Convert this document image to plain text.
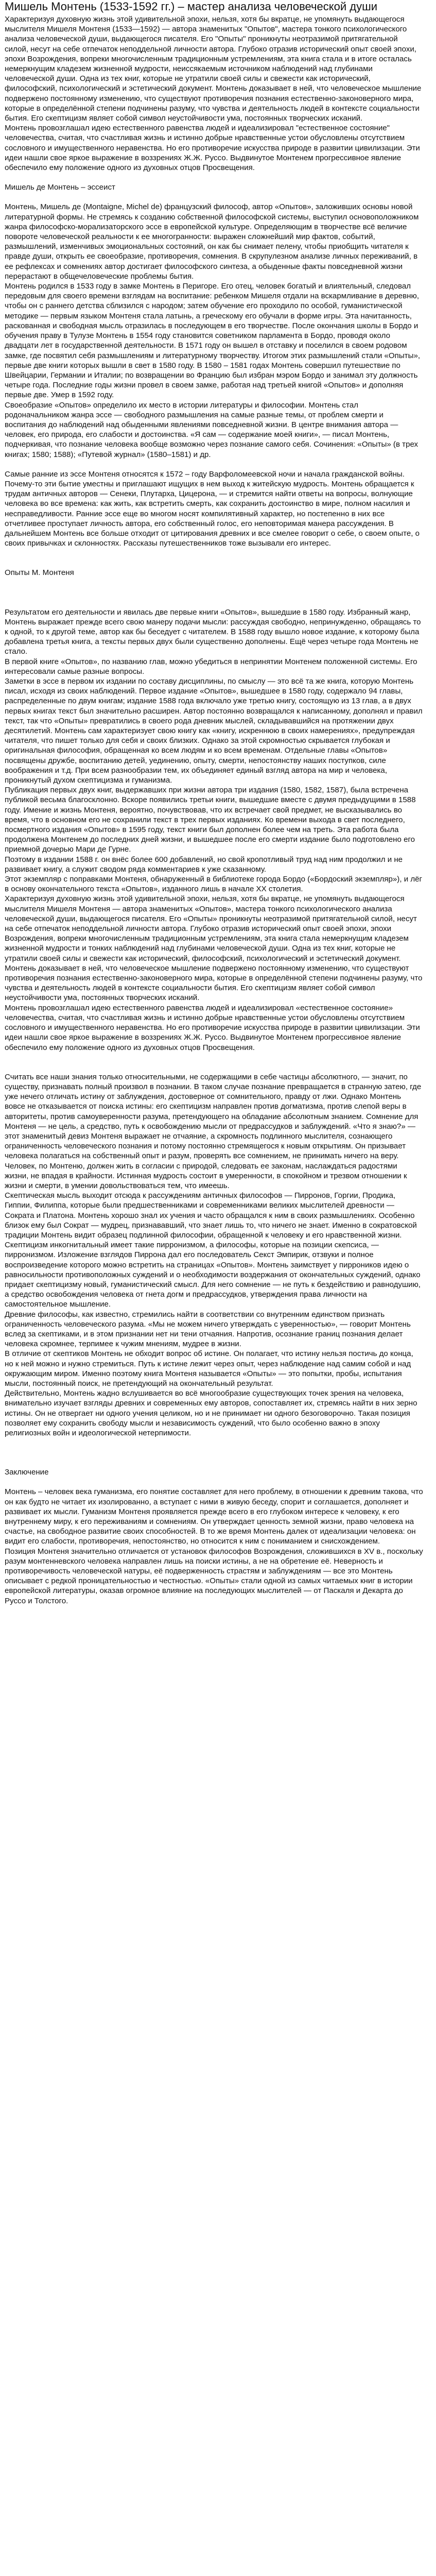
Мишель Монтень (1533-1592 гг.) – мастер анализа человеческой души

Характеризуя духовную жизнь этой удивительной эпохи, нельзя, хотя бы вкратце, не упомянуть выдающегося мыслителя Мишеля Монтеня (1533—1592) — автора знаменитых "Опытов", мастера тонкого психологического анализа человеческой души, выдающегося писателя. Его "Опыты" проникнуты неотразимой притягательной силой, несут на себе отпечаток неподдельной личности автора. Глубоко отразив исторический опыт своей эпохи, эпохи Возрождения, вопреки многочисленным традиционным устремлениям, эта книга стала и в итоге осталась немеркнущим кладезем жизненной мудрости, неиссякаемым источником наблюдений над глубинами человеческой души. Одна из тех книг, которые не утратили своей силы и свежести как исторический, философский, психологический и эстетический документ. Монтень доказывает в ней, что человеческое мышление подвержено постоянному изменению, что существуют противоречия познания естественно-законоверного мира, которые в определённой степени подчинены разуму, что чувства и деятельность людей в контексте социальности бытия. Его скептицизм являет собой символ неустойчивости ума, постоянных творческих исканий.

Монтень провозглашал идею естественного равенства людей и идеализировал "естественное состояние" человечества, считая, что счастливая жизнь и истинно добрые нравственные устои обусловлены отсутствием сословного и имущественного неравенства. Но его противоречие искусства природе в развитии цивилизации. Эти идеи нашли свое яркое выражение в воззрениях Ж.Ж. Руссо. Выдвинутое Монтенем прогрессивное явление обеспечило ему положение одного из духовных отцов Просвещения.

Мишель де Монтень – эссеист

Монтень, Мишель де (Montaigne, Michel de) французский философ, автор «Опытов», заложивших основы новой литературной формы. Не стремясь к созданию собственной философской системы, выступил основоположником жанра философско-морализаторского эссе в европейской культуре. Определяющим в творчестве всё величие повороте человеческой реальности к ее многогранности: выражен сложнейший мир фактов, событий, размышлений, изменчивых эмоциональных состояний, он как бы снимает пелену, чтобы приобщить читателя к правде души, открыть ее своеобразие, противоречия, сомнения. В скрупулезном анализе личных переживаний, в ее рефлексах и сомнениях автор достигает философского синтеза, а обыденные факты повседневной жизни перерастают в общечеловеческие проблемы бытия.

Монтень родился в 1533 году в замке Монтень в Перигоре. Его отец, человек богатый и влиятельный, следовал передовым для своего времени взглядам на воспитание: ребенком Мишеля отдали на вскармливание в деревню, чтобы он с раннего детства сблизился с народом; затем обучение его проходило по особой, гуманистической методике — первым языком Монтеня стала латынь, а греческому его обучали в форме игры. Эта начитанность, раскованная и свободная мысль отразилась в последующем в его творчестве. После окончания школы в Бордо и обучения праву в Тулузе Монтень в 1554 году становится советником парламента в Бордо, проводя около двадцати лет в государственной деятельности. В 1571 году он вышел в отставку и поселился в своем родовом замке, где посвятил себя размышлениям и литературному творчеству. Итогом этих размышлений стали «Опыты», первые две книги которых вышли в свет в 1580 году. В 1580 – 1581 годах Монтень совершил путешествие по Швейцарии, Германии и Италии; по возвращении во Францию был избран мэром Бордо и занимал эту должность четыре года. Последние годы жизни провел в своем замке, работая над третьей книгой «Опытов» и дополняя первые две. Умер в 1592 году.

Своеобразие «Опытов» определило их место в истории литературы и философии. Монтень стал родоначальником жанра эссе — свободного размышления на самые разные темы, от проблем смерти и воспитания до наблюдений над обыденными явлениями повседневной жизни. В центре внимания автора — человек, его природа, его слабости и достоинства. «Я сам — содержание моей книги», — писал Монтень, подчеркивая, что познание человека вообще возможно через познание самого себя. Сочинения: «Опыты» (в трех книгах; 1580; 1588); «Путевой журнал» (1580–1581) и др.

Самые ранние из эссе Монтеня относятся к 1572 – году Варфоломеевской ночи и начала гражданской войны. Почему-то эти бытие уместны и приглашают ищущих в нем выход к житейскую мудрость. Монтень обращается к трудам античных авторов — Сенеки, Плутарха, Цицерона, — и стремится найти ответы на вопросы, волнующие человека во все времена: как жить, как встретить смерть, как сохранить достоинство в мире, полном насилия и несправедливости. Ранние эссе еще во многом носят компилятивный характер, но постепенно в них все отчетливее проступает личность автора, его собственный голос, его неповторимая манера рассуждения. В дальнейшем Монтень все больше отходит от цитирования древних и все смелее говорит о себе, о своем опыте, о своих привычках и склонностях. Рассказы путешественников тоже вызывали его интерес.

Опыты М. Монтеня

Результатом его деятельности и явилась две первые книги «Опытов», вышедшие в 1580 году. Избранный жанр, Монтень выражает прежде всего свою манеру подачи мысли: рассуждая свободно, непринужденно, обращаясь то к одной, то к другой теме, автор как бы беседует с читателем. В 1588 году вышло новое издание, к которому была добавлена третья книга, а тексты первых двух были существенно дополнены. Ещё через четыре года Монтень не стало.

В первой книге «Опытов», по названию глав, можно убедиться в непринятии Монтенем положенной системы. Его интересовали самые разные вопросы.

Заметки в эссе в первом их издании по составу дисциплины, по смыслу — это всё та же книга, которую Монтень писал, исходя из своих наблюдений. Первое издание «Опытов», вышедшее в 1580 году, содержало 94 главы, распределенные по двум книгам; издание 1588 года включало уже третью книгу, состоящую из 13 глав, а в двух первых книгах текст был значительно расширен. Автор постоянно возвращался к написанному, дополнял и правил текст, так что «Опыты» превратились в своего рода дневник мыслей, складывавшийся на протяжении двух десятилетий. Монтень сам характеризует свою книгу как «книгу, искреннюю в своих намерениях», предупреждая читателя, что пишет только для себя и своих близких. Однако за этой скромностью скрывается глубокая и оригинальная философия, обращенная ко всем людям и ко всем временам. Отдельные главы «Опытов» посвящены дружбе, воспитанию детей, уединению, опыту, смерти, непостоянству наших поступков, силе воображения и т.д. При всем разнообразии тем, их объединяет единый взгляд автора на мир и человека, проникнутый духом скептицизма и гуманизма.

Публикация первых двух книг, выдержавших при жизни автора три издания (1580, 1582, 1587), была встречена публикой весьма благосклонно. Вскоре появились третьи книги, вышедшие вместе с двумя предыдущими в 1588 году. Имение и жизнь Монтеня, вероятно, почувствовав, что их встречает свой предмет, не высказывались во время, что в основном его не сохранили текст в трех первых изданиях. Ко времени выхода в свет последнего, посмертного издания «Опытов» в 1595 году, текст книги был дополнен более чем на треть. Эта работа была продолжена Монтенем до последних дней жизни, и вышедшее после его смерти издание было подготовлено его приемной дочерью Мари де Гурне.

Поэтому в издании 1588 г. он внёс более 600 добавлений, но свой кропотливый труд над ним продолжил и не развивает книгу, а служит сводом ряда комментариев к уже сказанному.

Этот экземпляр с поправками Монтеня, обнаруженный в библиотеке города Бордо («Бордоский экземпляр»), и лёг в основу окончательного текста «Опытов», изданного лишь в начале XX столетия.

Характеризуя духовную жизнь этой удивительной эпохи, нельзя, хотя бы вкратце, не упомянуть выдающегося мыслителя Мишеля Монтеня — автора знаменитых «Опытов», мастера тонкого психологического анализа человеческой души, выдающегося писателя. Его «Опыты» проникнуты неотразимой притягательной силой, несут на себе отпечаток неподдельной личности автора. Глубоко отразив исторический опыт своей эпохи, эпохи Возрождения, вопреки многочисленным традиционным устремлениям, эта книга стала немеркнущим кладезем жизненной мудрости и тонких наблюдений над глубинами человеческой души. Одна из тех книг, которые не утратили своей силы и свежести как исторический, философский, психологический и эстетический документ. Монтень доказывает в ней, что человеческое мышление подвержено постоянному изменению, что существуют противоречия познания естественно-законоверного мира, которые в определённой степени подчинены разуму, что чувства и деятельность людей в контексте социальности бытия. Его скептицизм являет собой символ неустойчивости ума, постоянных творческих исканий.

Монтень провозглашал идею естественного равенства людей и идеализировал «естественное состояние» человечества, считая, что счастливая жизнь и истинно добрые нравственные устои обусловлены отсутствием сословного и имущественного неравенства. Но его противоречие искусства природе в развитии цивилизации. Эти идеи нашли свое яркое выражение в воззрениях Ж.Ж. Руссо. Выдвинутое Монтенем прогрессивное явление обеспечило ему положение одного из духовных отцов Просвещения.

Считать все наши знания только относительными, не содержащими в себе частицы абсолютного, — значит, по существу, признавать полный произвол в познании. В таком случае познание превращается в странную затею, где уже нечего отличать истину от заблуждения, достоверное от сомнительного, правду от лжи. Однако Монтень вовсе не отказывается от поиска истины: его скептицизм направлен против догматизма, против слепой веры в авторитеты, против самоуверенности разума, претендующего на обладание абсолютным знанием. Сомнение для Монтеня — не цель, а средство, путь к освобождению мысли от предрассудков и заблуждений. «Что я знаю?» — этот знаменитый девиз Монтеня выражает не отчаяние, а скромность подлинного мыслителя, сознающего ограниченность человеческого познания и потому постоянно стремящегося к новым открытиям. Он призывает человека полагаться на собственный опыт и разум, проверять все сомнением, не принимать ничего на веру. Человек, по Монтеню, должен жить в согласии с природой, следовать ее законам, наслаждаться радостями жизни, не впадая в крайности. Истинная мудрость состоит в умеренности, в спокойном и трезвом отношении к жизни и смерти, в умении довольствоваться тем, что имеешь.

Скептическая мысль выходит отсюда к рассуждениям античных философов — Пирронов, Горгии, Продика, Гиппии, Филиппа, которые были предшественниками и современниками великих мыслителей древности — Сократа и Платона. Монтень хорошо знал их учения и часто обращался к ним в своих размышлениях. Особенно близок ему был Сократ — мудрец, признававший, что знает лишь то, что ничего не знает. Именно в сократовской традиции Монтень видит образец подлинной философии, обращенной к человеку и его нравственной жизни.

Скептицизм инкогнитальный имеет такие пирронизмом, а философы, которые на позиции скепсиса, — пирронизмом. Изложение взглядов Пиррона дал его последователь Секст Эмпирик, отзвуки и полное воспроизведение которого можно встретить на страницах «Опытов». Монтень заимствует у пирроников идею о равносильности противоположных суждений и о необходимости воздержания от окончательных суждений, однако придает скептицизму новый, гуманистический смысл. Для него сомнение — не путь к бездействию и равнодушию, а средство освобождения человека от гнета догм и предрассудков, утверждения права личности на самостоятельное мышление.

Древние философы, как известно, стремились найти в соответствии со внутренним единством признать ограниченность человеческого разума. «Мы не можем ничего утверждать с уверенностью», — говорит Монтень вслед за скептиками, и в этом признании нет ни тени отчаяния. Напротив, осознание границ познания делает человека скромнее, терпимее к чужим мнениям, мудрее в жизни.

В отличие от скептиков Монтень не обходит вопрос об истине. Он полагает, что истину нельзя постичь до конца, но к ней можно и нужно стремиться. Путь к истине лежит через опыт, через наблюдение над самим собой и над окружающим миром. Именно поэтому книга Монтеня называется «Опыты» — это попытки, пробы, испытания мысли, постоянный поиск, не претендующий на окончательный результат.

Действительно, Монтень жадно вслушивается во всё многообразие существующих точек зрения на человека, внимательно изучает взгляды древних и современных ему авторов, сопоставляет их, стремясь найти в них зерно истины. Он не отвергает ни одного учения целиком, но и не принимает ни одного безоговорочно. Такая позиция позволяет ему сохранить свободу мысли и независимость суждений, что было особенно важно в эпоху религиозных войн и идеологической нетерпимости.

Заключение

Монтень – человек века гуманизма, его понятие составляет для него проблему, в отношении к древним такова, что он как будто не читает их изолированно, а вступает с ними в живую беседу, спорит и соглашается, дополняет и развивает их мысли. Гуманизм Монтеня проявляется прежде всего в его глубоком интересе к человеку, к его внутреннему миру, к его переживаниям и сомнениям. Он утверждает ценность земной жизни, право человека на счастье, на свободное развитие своих способностей. В то же время Монтень далек от идеализации человека: он видит его слабости, противоречия, непостоянство, но относится к ним с пониманием и снисхождением.

Позиция Монтеня значительно отличается от установок философов Возрождения, сложившихся в XV в., поскольку разум монтенневского человека направлен лишь на поиски истины, а не на обретение её. Неверность и противоречивость человеческой натуры, её подверженность страстям и заблуждениям — все это Монтень описывает с редкой проницательностью и честностью. «Опыты» стали одной из самых читаемых книг в истории европейской литературы, оказав огромное влияние на последующих мыслителей — от Паскаля и Декарта до Руссо и Толстого.
